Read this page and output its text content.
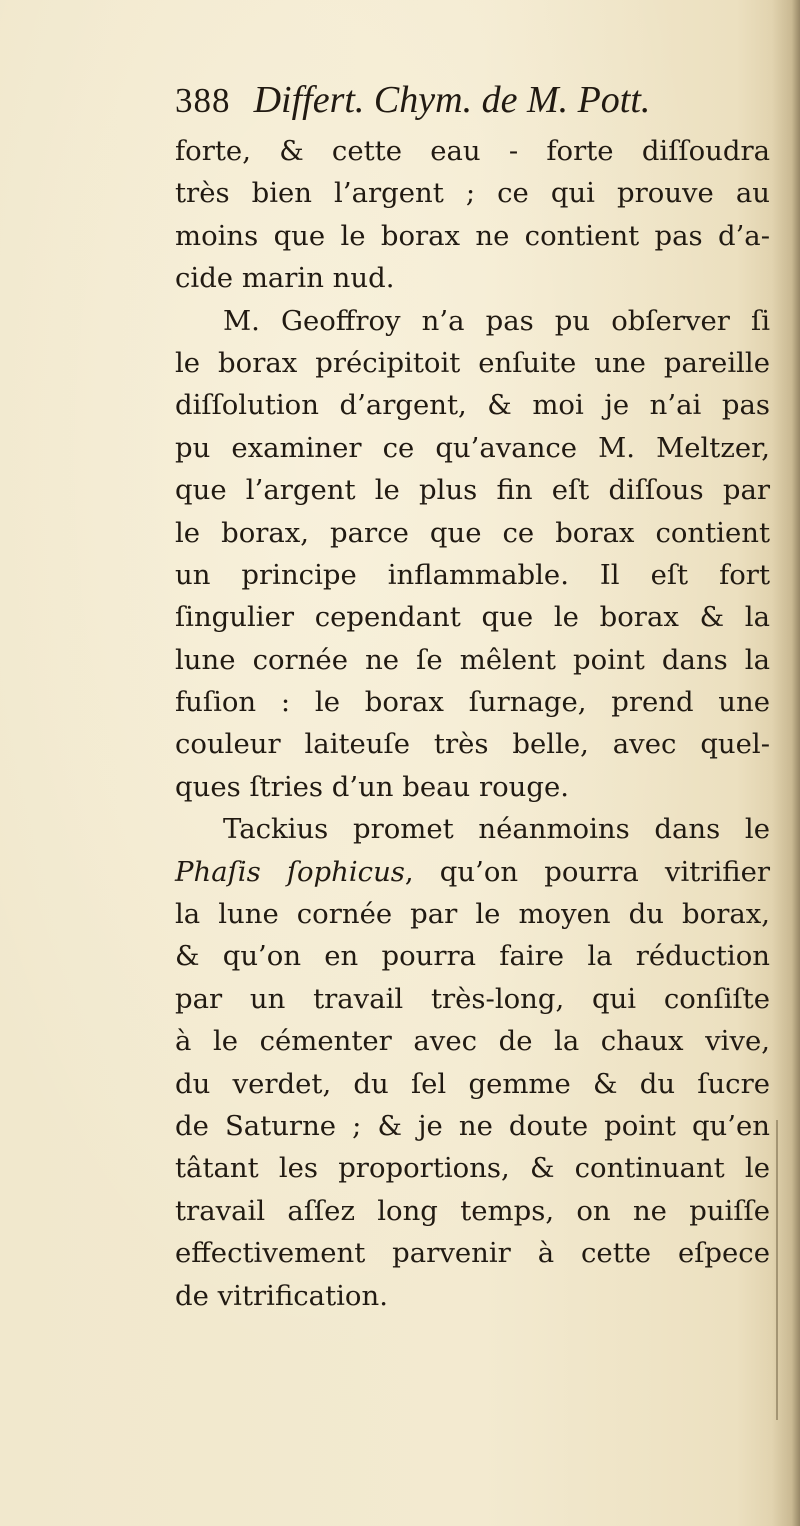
388 Differt. Chym. de M. Pott.
forte, & cette eau - forte diſſoudra
très bien l’argent ; ce qui prouve au
moins que le borax ne contient pas d’a-
cide marin nud.
M. Geoffroy n’a pas pu obſerver ſi
le borax précipitoit enſuite une pareille
diſſolution d’argent, & moi je n’ai pas
pu examiner ce qu’avance M. Meltzer,
que l’argent le plus fin eſt diſſous par
le borax, parce que ce borax contient
un principe inflammable. Il eſt fort
ſingulier cependant que le borax & la
lune cornée ne ſe mêlent point dans la
fuſion : le borax ſurnage, prend une
couleur laiteuſe très belle, avec quel-
ques ſtries d’un beau rouge.
Tackius promet néanmoins dans le
Phaſis ſophicus, qu’on pourra vitrifier
la lune cornée par le moyen du borax,
& qu’on en pourra faire la réduction
par un travail très-long, qui conſiſte
à le cémenter avec de la chaux vive,
du verdet, du ſel gemme & du ſucre
de Saturne ; & je ne doute point qu’en
tâtant les proportions, & continuant le
travail aſſez long temps, on ne puiſſe
effectivement parvenir à cette eſpece
de vitrification.
